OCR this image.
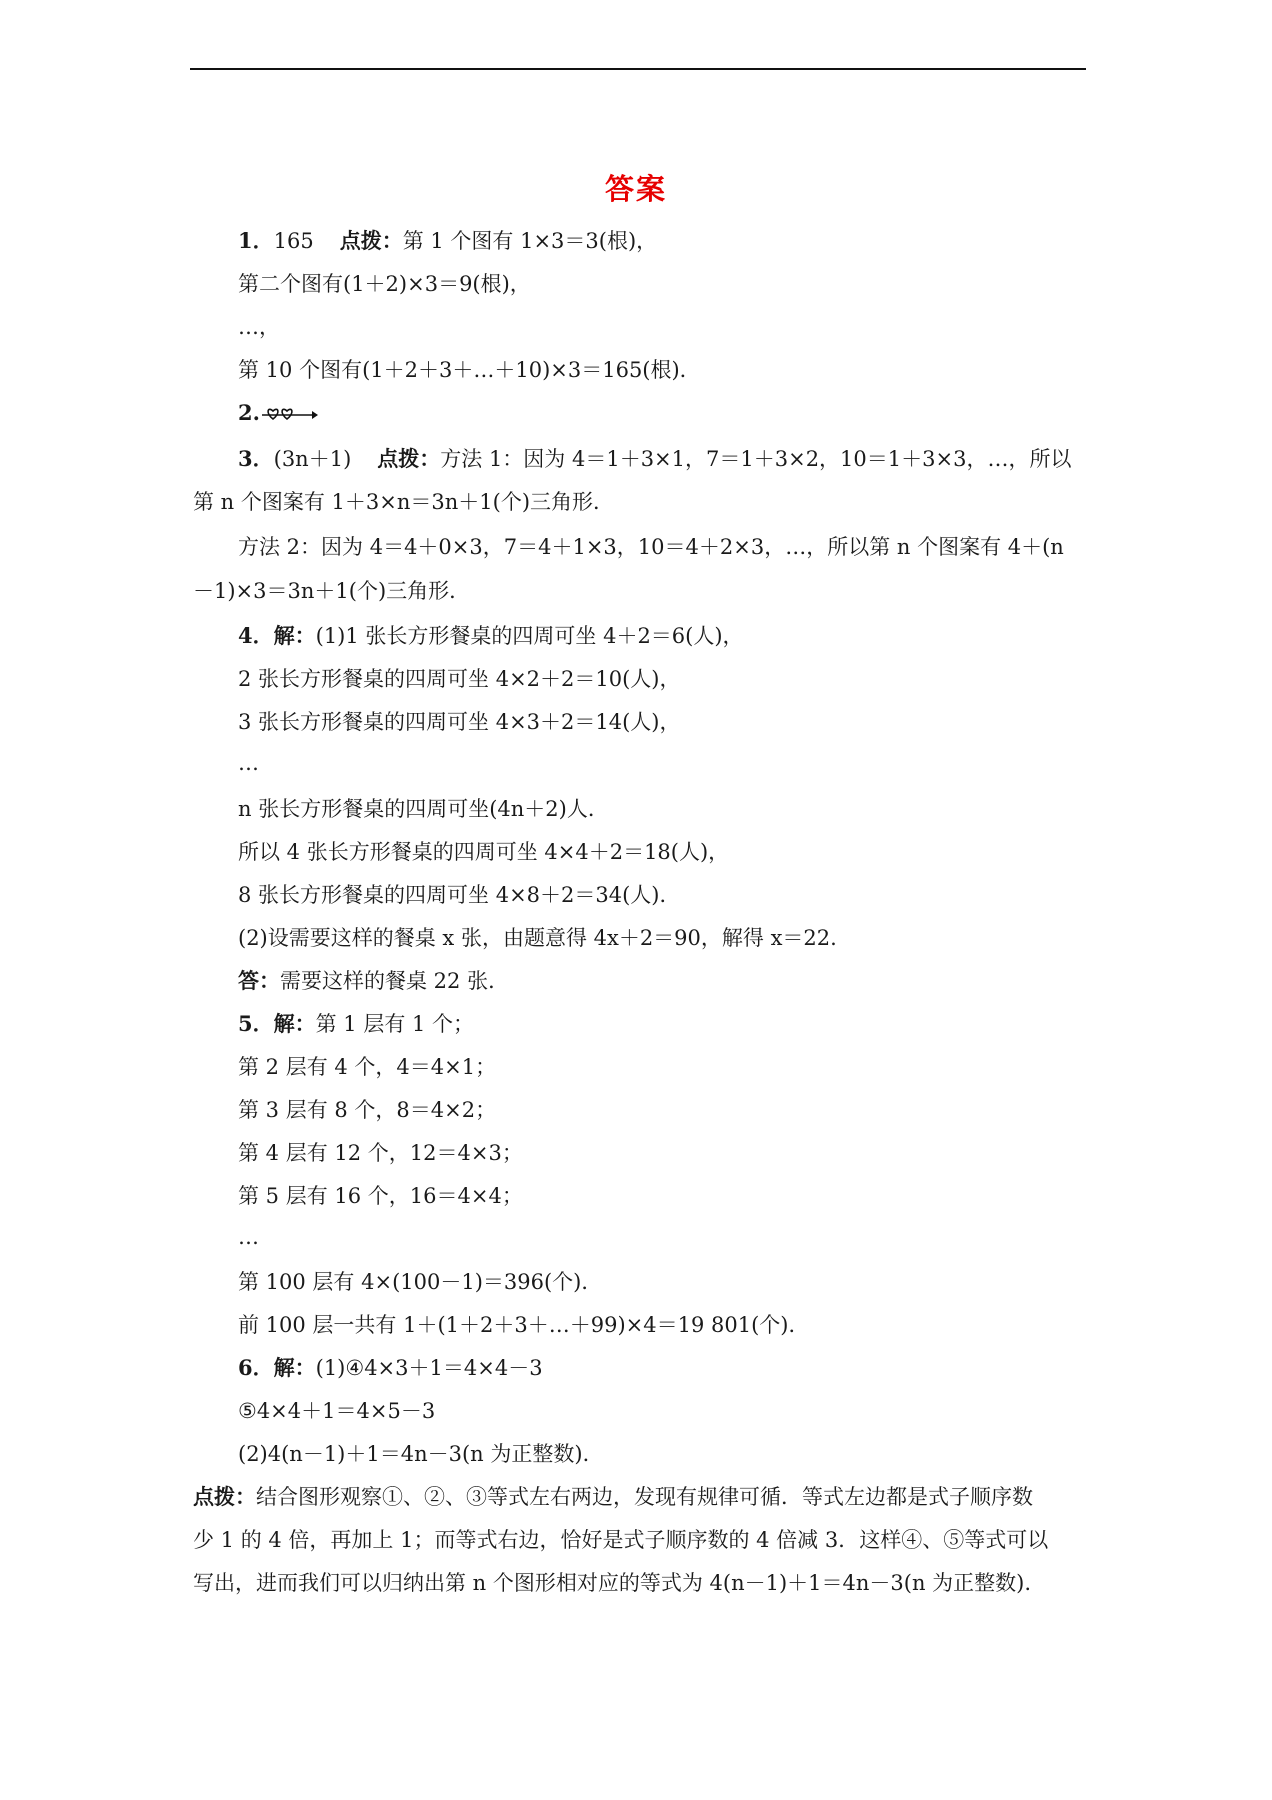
答案
1．165 点拨：第 1 个图有 1×3＝3(根)，
第二个图有(1＋2)×3＝9(根)，
…，
第 10 个图有(1＋2＋3＋…＋10)×3＝165(根)．
2.
3．(3n＋1) 点拨：方法 1：因为 4＝1＋3×1，7＝1＋3×2，10＝1＋3×3，…，所以
第 n 个图案有 1＋3×n＝3n＋1(个)三角形．
方法 2：因为 4＝4＋0×3，7＝4＋1×3，10＝4＋2×3，…，所以第 n 个图案有 4＋(n
－1)×3＝3n＋1(个)三角形．
4．解：(1)1 张长方形餐桌的四周可坐 4＋2＝6(人)，
2 张长方形餐桌的四周可坐 4×2＋2＝10(人)，
3 张长方形餐桌的四周可坐 4×3＋2＝14(人)，
…
n 张长方形餐桌的四周可坐(4n＋2)人．
所以 4 张长方形餐桌的四周可坐 4×4＋2＝18(人)，
8 张长方形餐桌的四周可坐 4×8＋2＝34(人)．
(2)设需要这样的餐桌 x 张，由题意得 4x＋2＝90，解得 x＝22.
答：需要这样的餐桌 22 张．
5．解：第 1 层有 1 个；
第 2 层有 4 个，4＝4×1；
第 3 层有 8 个，8＝4×2；
第 4 层有 12 个，12＝4×3；
第 5 层有 16 个，16＝4×4；
…
第 100 层有 4×(100－1)＝396(个)．
前 100 层一共有 1＋(1＋2＋3＋…＋99)×4＝19 801(个)．
6．解：(1)④4×3＋1＝4×4－3
⑤4×4＋1＝4×5－3
(2)4(n－1)＋1＝4n－3(n 为正整数)．
点拨：结合图形观察①、②、③等式左右两边，发现有规律可循．等式左边都是式子顺序数
少 1 的 4 倍，再加上 1；而等式右边，恰好是式子顺序数的 4 倍减 3．这样④、⑤等式可以
写出，进而我们可以归纳出第 n 个图形相对应的等式为 4(n－1)＋1＝4n－3(n 为正整数).
